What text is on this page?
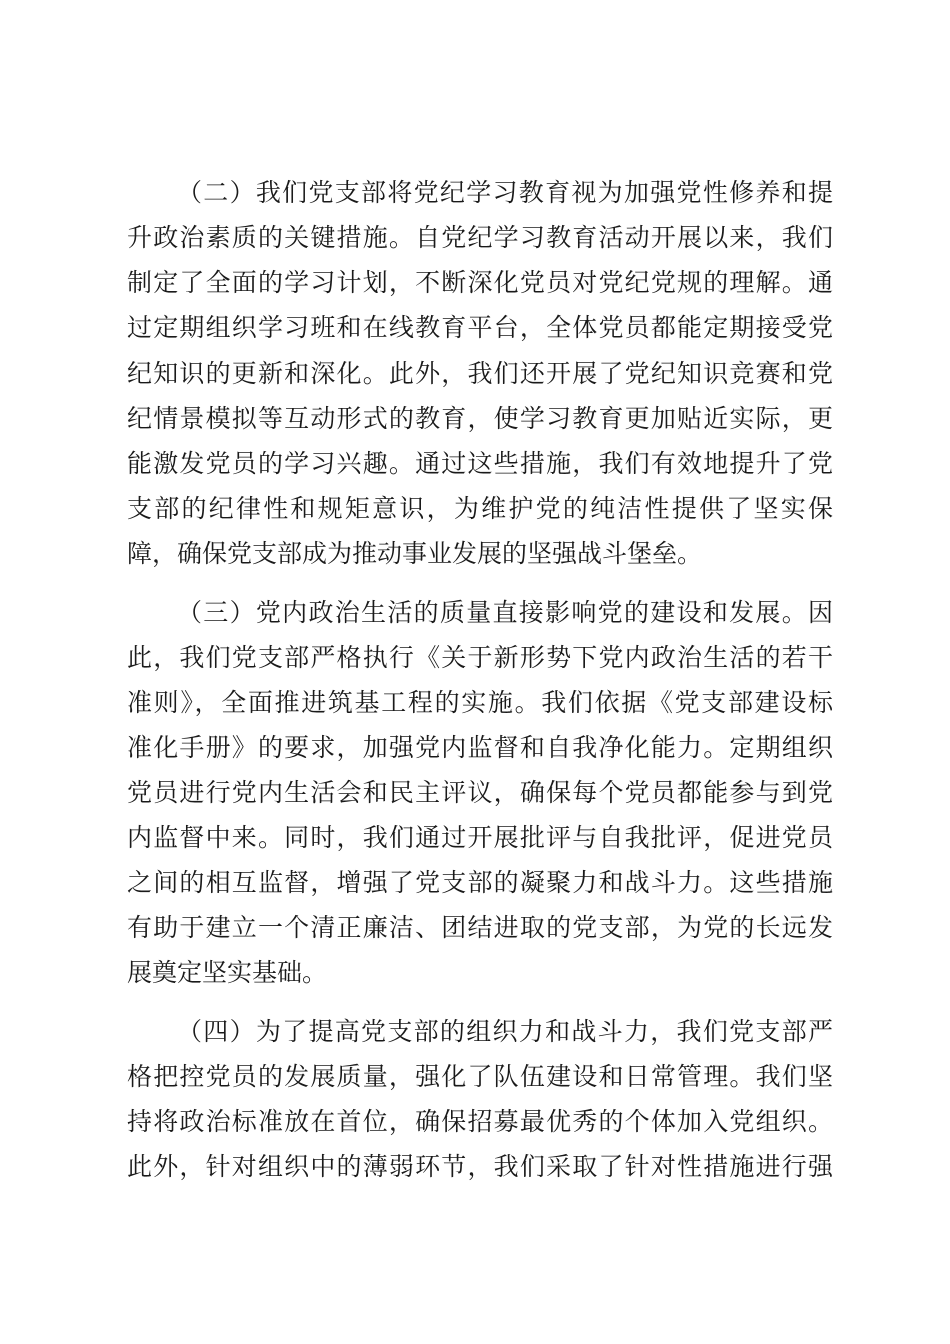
（二）我们党支部将党纪学习教育视为加强党性修养和提

升政治素质的关键措施。自党纪学习教育活动开展以来，我们

制定了全面的学习计划，不断深化党员对党纪党规的理解。通

过定期组织学习班和在线教育平台，全体党员都能定期接受党

纪知识的更新和深化。此外，我们还开展了党纪知识竞赛和党

纪情景模拟等互动形式的教育，使学习教育更加贴近实际，更

能激发党员的学习兴趣。通过这些措施，我们有效地提升了党

支部的纪律性和规矩意识，为维护党的纯洁性提供了坚实保

障，确保党支部成为推动事业发展的坚强战斗堡垒。

（三）党内政治生活的质量直接影响党的建设和发展。因

此，我们党支部严格执行《关于新形势下党内政治生活的若干

准则》，全面推进筑基工程的实施。我们依据《党支部建设标

准化手册》的要求，加强党内监督和自我净化能力。定期组织

党员进行党内生活会和民主评议，确保每个党员都能参与到党

内监督中来。同时，我们通过开展批评与自我批评，促进党员

之间的相互监督，增强了党支部的凝聚力和战斗力。这些措施

有助于建立一个清正廉洁、团结进取的党支部，为党的长远发

展奠定坚实基础。

（四）为了提高党支部的组织力和战斗力，我们党支部严

格把控党员的发展质量，强化了队伍建设和日常管理。我们坚

持将政治标准放在首位，确保招募最优秀的个体加入党组织。

此外，针对组织中的薄弱环节，我们采取了针对性措施进行强
